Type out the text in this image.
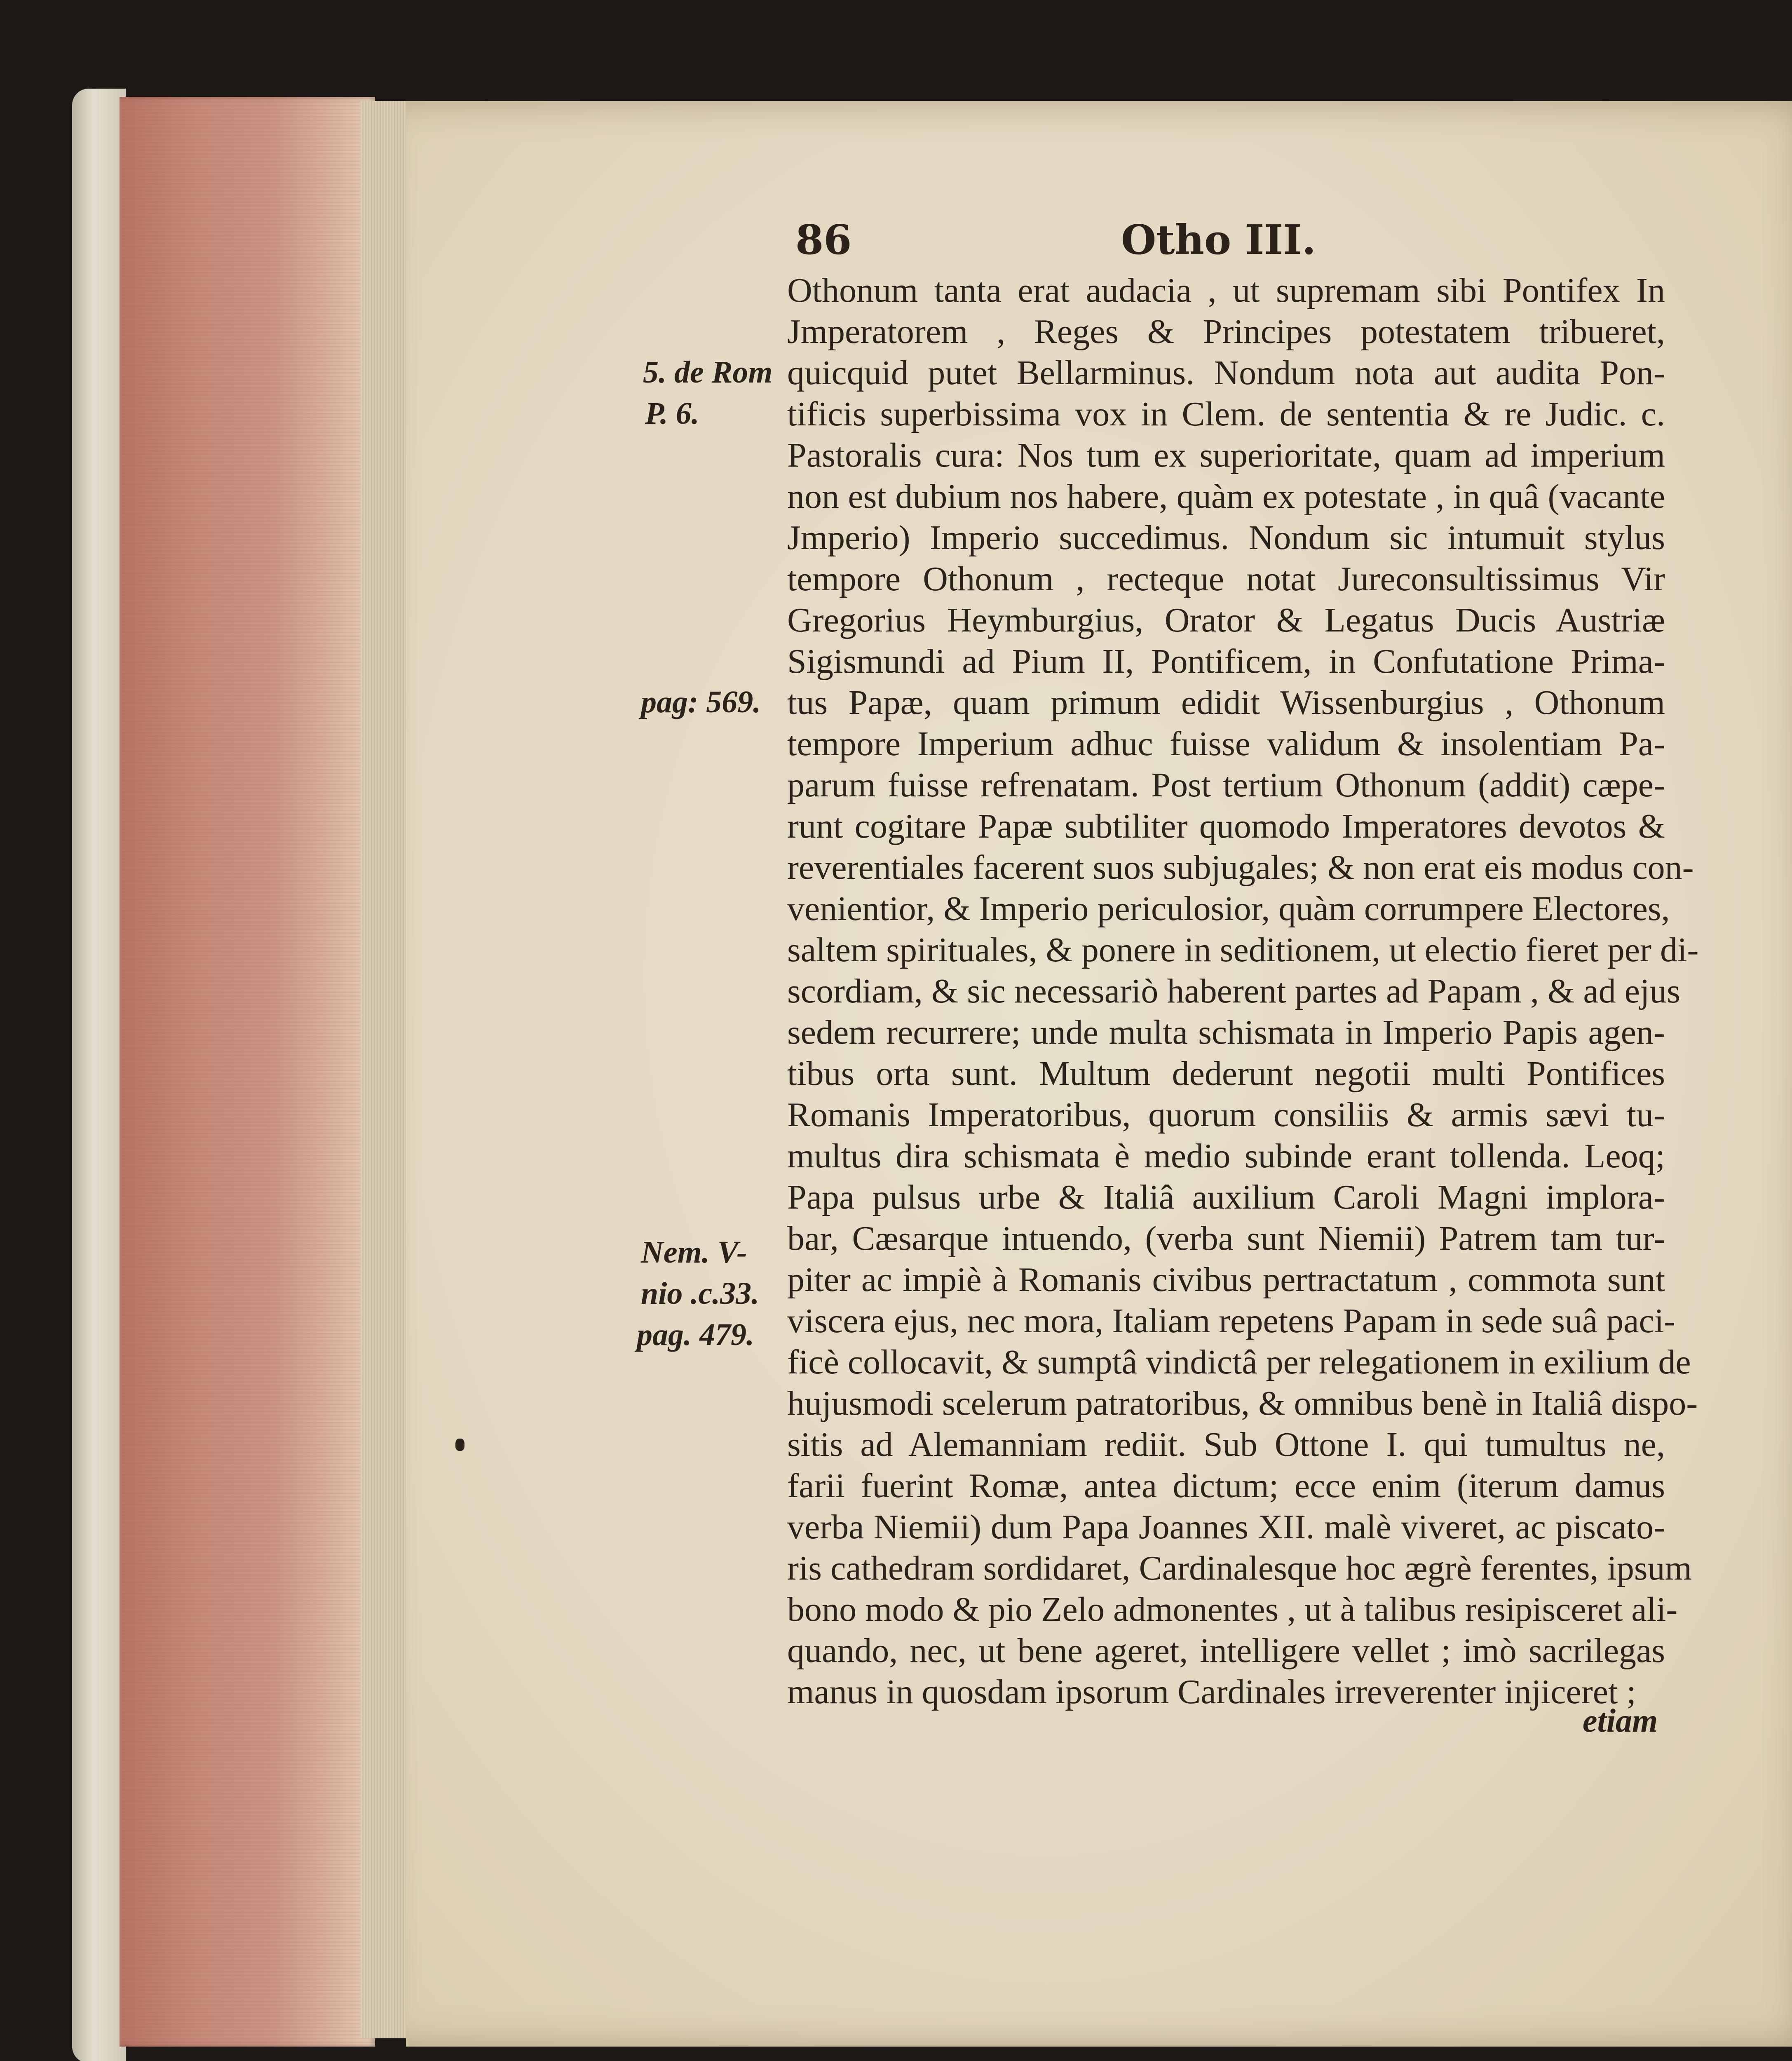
86	Otho III.
Othonum tanta erat audacia , ut supremam sibi Pontifex In
Jmperatorem , Reges & Principes potestatem tribueret,
quicquid putet Bellarminus. Nondum nota aut audita Pon-
tificis superbissima vox in Clem. de sententia & re Judic. c.
Pastoralis cura: Nos tum ex superioritate, quam ad imperium
non est dubium nos habere, quàm ex potestate , in quâ (vacante
Jmperio) Imperio succedimus. Nondum sic intumuit stylus
tempore Othonum , recteque notat Jureconsultissimus Vir
Gregorius Heymburgius, Orator & Legatus Ducis Austriæ
Sigismundi ad Pium II, Pontificem, in Confutatione Prima-
tus Papæ, quam primum edidit Wissenburgius , Othonum
tempore Imperium adhuc fuisse validum & insolentiam Pa-
parum fuisse refrenatam. Post tertium Othonum (addit) cæpe-
runt cogitare Papæ subtiliter quomodo Imperatores devotos &
reverentiales facerent suos subjugales; & non erat eis modus con-
venientior, & Imperio periculosior, quàm corrumpere Electores,
saltem spirituales, & ponere in seditionem, ut electio fieret per di-
scordiam, & sic necessariò haberent partes ad Papam , & ad ejus
sedem recurrere; unde multa schismata in Imperio Papis agen-
tibus orta sunt. Multum dederunt negotii multi Pontifices
Romanis Imperatoribus, quorum consiliis & armis sævi tu-
multus dira schismata è medio subinde erant tollenda. Leoq;
Papa pulsus urbe & Italiâ auxilium Caroli Magni implora-
bar, Cæsarque intuendo, (verba sunt Niemii) Patrem tam tur-
piter ac impiè à Romanis civibus pertractatum , commota sunt
viscera ejus, nec mora, Italiam repetens Papam in sede suâ paci-
ficè collocavit, & sumptâ vindictâ per relegationem in exilium de
hujusmodi scelerum patratoribus, & omnibus benè in Italiâ dispo-
sitis ad Alemanniam rediit. Sub Ottone I. qui tumultus ne,
farii fuerint Romæ, antea dictum; ecce enim (iterum damus
verba Niemii) dum Papa Joannes XII. malè viveret, ac piscato-
ris cathedram sordidaret, Cardinalesque hoc ægrè ferentes, ipsum
bono modo & pio Zelo admonentes , ut à talibus resipisceret ali-
quando, nec, ut bene ageret, intelligere vellet ; imò sacrilegas
manus in quosdam ipsorum Cardinales irreverenter injiceret ;
5. de Rom
P. 6.
pag: 569.
Nem. V-
nio .c.33.
pag. 479.
etiam
